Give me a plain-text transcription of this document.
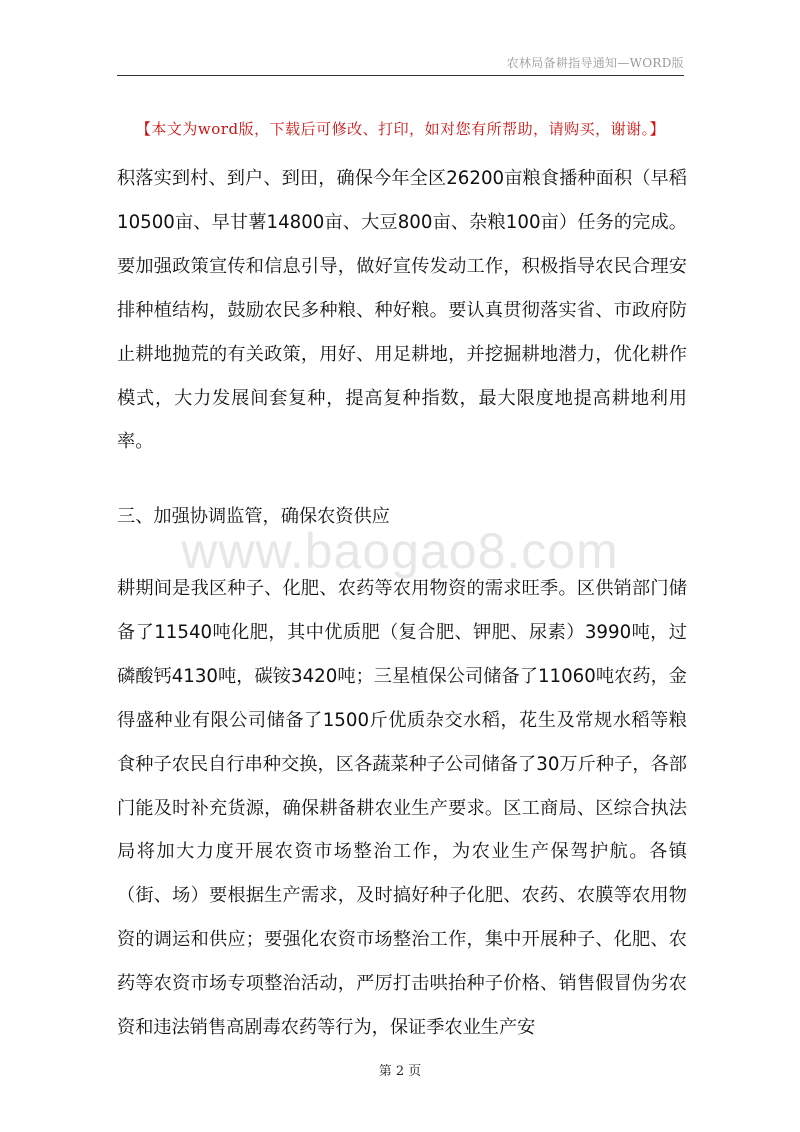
农林局备耕指导通知—WORD版
【本文为word版，下载后可修改、打印，如对您有所帮助，请购买，谢谢。】

积落实到村、到户、到田，确保今年全区26200亩粮食播种面积（早稻10500亩、早甘薯14800亩、大豆800亩、杂粮100亩）任务的完成。要加强政策宣传和信息引导，做好宣传发动工作，积极指导农民合理安排种植结构，鼓励农民多种粮、种好粮。要认真贯彻落实省、市政府防止耕地抛荒的有关政策，用好、用足耕地，并挖掘耕地潜力，优化耕作模式，大力发展间套复种，提高复种指数，最大限度地提高耕地利用率。

三、加强协调监管，确保农资供应
www.baogao8.com

耕期间是我区种子、化肥、农药等农用物资的需求旺季。区供销部门储备了11540吨化肥，其中优质肥（复合肥、钾肥、尿素）3990吨，过磷酸钙4130吨，碳铵3420吨；三星植保公司储备了11060吨农药，金得盛种业有限公司储备了1500斤优质杂交水稻，花生及常规水稻等粮食种子农民自行串种交换，区各蔬菜种子公司储备了30万斤种子，各部门能及时补充货源，确保耕备耕农业生产要求。区工商局、区综合执法局将加大力度开展农资市场整治工作，为农业生产保驾护航。各镇（街、场）要根据生产需求，及时搞好种子化肥、农药、农膜等农用物资的调运和供应；要强化农资市场整治工作，集中开展种子、化肥、农药等农资市场专项整治活动，严厉打击哄抬种子价格、销售假冒伪劣农资和违法销售高剧毒农药等行为，保证季农业生产安

第 2 页
